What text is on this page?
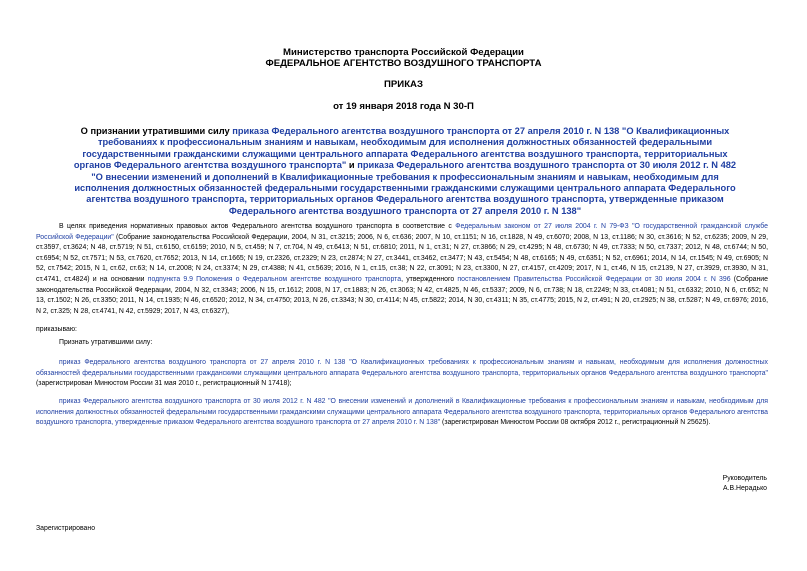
Министерство транспорта Российской Федерации
ФЕДЕРАЛЬНОЕ АГЕНТСТВО ВОЗДУШНОГО ТРАНСПОРТА
ПРИКАЗ
от 19 января 2018 года N 30-П
О признании утратившими силу приказа Федерального агентства воздушного транспорта от 27 апреля 2010 г. N 138 "О Квалификационных требованиях к профессиональным знаниям и навыкам, необходимым для исполнения должностных обязанностей федеральными государственными гражданскими служащими центрального аппарата Федерального агентства воздушного транспорта, территориальных органов Федерального агентства воздушного транспорта" и приказа Федерального агентства воздушного транспорта от 30 июля 2012 г. N 482 "О внесении изменений и дополнений в Квалификационные требования к профессиональным знаниям и навыкам, необходимым для исполнения должностных обязанностей федеральными государственными гражданскими служащими центрального аппарата Федерального агентства воздушного транспорта, территориальных органов Федерального агентства воздушного транспорта, утвержденные приказом Федерального агентства воздушного транспорта от 27 апреля 2010 г. N 138"
В целях приведения нормативных правовых актов Федерального агентства воздушного транспорта в соответствие с Федеральным законом от 27 июля 2004 г. N 79-ФЗ "О государственной гражданской службе Российской Федерации" (Собрание законодательства Российской Федерации, 2004, N 31, ст.3215; 2006, N 6, ст.636; 2007, N 10, ст.1151; N 16, ст.1828, N 49, ст.6070; 2008, N 13, ст.1186; N 30, ст.3616; N 52, ст.6235; 2009, N 29, ст.3597, ст.3624; N 48, ст.5719; N 51, ст.6150, ст.6159; 2010, N 5, ст.459; N 7, ст.704, N 49, ст.6413; N 51, ст.6810; 2011, N 1, ст.31; N 27, ст.3866; N 29, ст.4295; N 48, ст.6730; N 49, ст.7333; N 50, ст.7337; 2012, N 48, ст.6744; N 50, ст.6954; N 52, ст.7571; N 53, ст.7620, ст.7652; 2013, N 14, ст.1665; N 19, ст.2326, ст.2329; N 23, ст.2874; N 27, ст.3441, ст.3462, ст.3477; N 43, ст.5454; N 48, ст.6165; N 49, ст.6351; N 52, ст.6961; 2014, N 14, ст.1545; N 49, ст.6905; N 52, ст.7542; 2015, N 1, ст.62, ст.63; N 14, ст.2008; N 24, ст.3374; N 29, ст.4388; N 41, ст.5639; 2016, N 1, ст.15, ст.38; N 22, ст.3091; N 23, ст.3300, N 27, ст.4157, ст.4209; 2017, N 1, ст.46, N 15, ст.2139, N 27, ст.3929, ст.3930, N 31, ст.4741, ст.4824) и на основании подпункта 9.9 Положения о Федеральном агентстве воздушного транспорта, утвержденного постановлением Правительства Российской Федерации от 30 июля 2004 г. N 396 (Собрание законодательства Российской Федерации, 2004, N 32, ст.3343; 2006, N 15, ст.1612; 2008, N 17, ст.1883; N 26, ст.3063; N 42, ст.4825, N 46, ст.5337; 2009, N 6, ст.738; N 18, ст.2249; N 33, ст.4081; N 51, ст.6332; 2010, N 6, ст.652; N 13, ст.1502; N 26, ст.3350; 2011, N 14, ст.1935; N 46, ст.6520; 2012, N 34, ст.4750; 2013, N 26, ст.3343; N 30, ст.4114; N 45, ст.5822; 2014, N 30, ст.4311; N 35, ст.4775; 2015, N 2, ст.491; N 20, ст.2925; N 38, ст.5287; N 49, ст.6976; 2016, N 2, ст.325; N 28, ст.4741, N 42, ст.5929; 2017, N 43, ст.6327),
приказываю:
Признать утратившими силу:
приказ Федерального агентства воздушного транспорта от 27 апреля 2010 г. N 138 "О Квалификационных требованиях к профессиональным знаниям и навыкам, необходимым для исполнения должностных обязанностей федеральными государственными гражданскими служащими центрального аппарата Федерального агентства воздушного транспорта, территориальных органов Федерального агентства воздушного транспорта" (зарегистрирован Минюстом России 31 мая 2010 г., регистрационный N 17418);
приказ Федерального агентства воздушного транспорта от 30 июля 2012 г. N 482 "О внесении изменений и дополнений в Квалификационные требования к профессиональным знаниям и навыкам, необходимым для исполнения должностных обязанностей федеральными государственными гражданскими служащими центрального аппарата Федерального агентства воздушного транспорта, территориальных органов Федерального агентства воздушного транспорта, утвержденные приказом Федерального агентства воздушного транспорта от 27 апреля 2010 г. N 138" (зарегистрирован Минюстом России 08 октября 2012 г., регистрационный N 25625).
Руководитель
А.В.Нерадько
Зарегистрировано
